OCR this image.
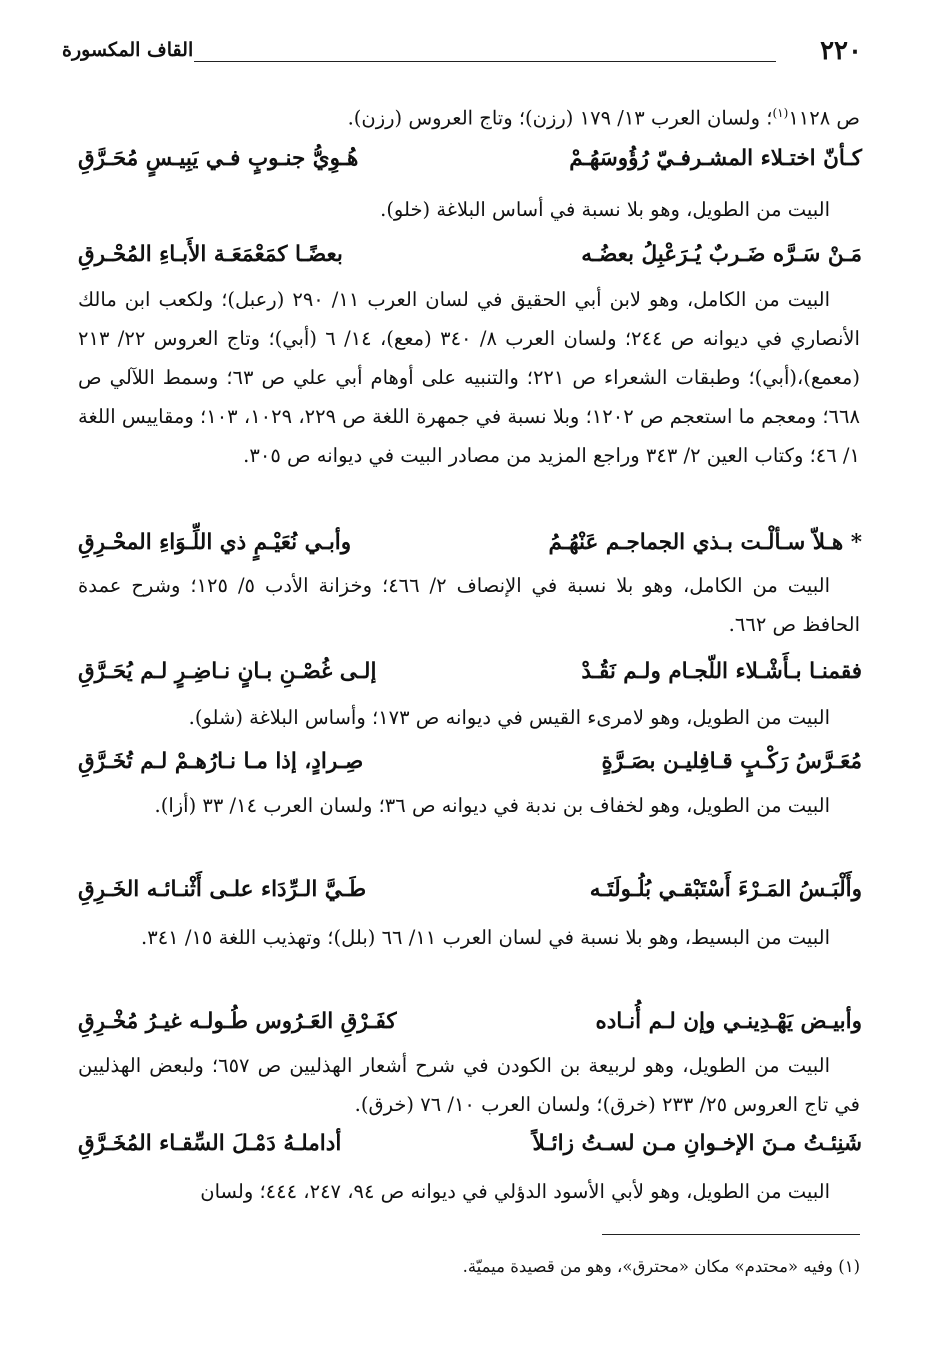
٢٢٠
القاف المكسورة

ص ١١٢٨$^{(١)}$؛ ولسان العرب ١٣/ ١٧٩ (رزن)؛ وتاج العروس (رزن).

كـأنّ اختـلاء المشـرفـيّ رُؤُوسَهُـمْ
هُـوِيُّ جنـوبٍ فـي يَبِيـسٍ مُحَـرَّقِ

البيت من الطويل، وهو بلا نسبة في أساس البلاغة (خلو).

مَـنْ سَـرَّه ضَـربٌ يُـرَعْبِلُ بعضُـه
بعضًـا كمَعْمَعَـة الأَبـاءِ المُحْـرقِ

البيت من الكامل، وهو لابن أبي الحقيق في لسان العرب ١١/ ٢٩٠ (رعبل)؛ ولكعب ابن مالك الأنصاري في ديوانه ص ٢٤٤؛ ولسان العرب ٨/ ٣٤٠ (معع)، ١٤/ ٦ (أبي)؛ وتاج العروس ٢٢/ ٢١٣ (معمع)،(أبي)؛ وطبقات الشعراء ص ٢٢١؛ والتنبيه على أوهام أبي علي ص ٦٣؛ وسمط اللآلي ص ٦٦٨؛ ومعجم ما استعجم ص ١٢٠٢؛ وبلا نسبة في جمهرة اللغة ص ٢٢٩، ١٠٢٩، ١٠٣؛ ومقاييس اللغة ١/ ٤٦؛ وكتاب العين ٢/ ٣٤٣ وراجع المزيد من مصادر البيت في ديوانه ص ٣٠٥.

* هـلاّ سـألْـت بـذي الجماجـم عَنْهُـمُ
وأبـي نُعَيْـمٍ ذي اللِّـوَاءِ المحْـرِقِ

البيت من الكامل، وهو بلا نسبة في الإنصاف ٢/ ٤٦٦؛ وخزانة الأدب ٥/ ١٢٥؛ وشرح عمدة الحافظ ص ٦٦٢.

فقمنـا بـأَشْـلاء اللّجـام ولـم نَقُـدْ
إلـى غُصْـنِ بـانٍ نـاضِـرٍ لـم يُحَـرَّقِ

البيت من الطويل، وهو لامرىء القيس في ديوانه ص ١٧٣؛ وأساس البلاغة (شلو).

مُعَـرَّسُ رَكْـبٍ قـافِليـن بصَـرَّةٍ
صِـرادٍ، إذا مـا نـارُهـمْ لـم تُخَـرَّقِ

البيت من الطويل، وهو لخفاف بن ندبة في ديوانه ص ٣٦؛ ولسان العرب ١٤/ ٣٣ (أزا).

وأَلْبَـسُ المَـرْءَ أَسْتَبْقـي بُلُـولَتَـه
طَـيَّ الـرِّدَاء علـى أَثْنـائـه الخَـرِقِ

البيت من البسيط، وهو بلا نسبة في لسان العرب ١١/ ٦٦ (بلل)؛ وتهذيب اللغة ١٥/ ٣٤١.

وأبيـض يَهْـدِينـي وإن لـم أُنـاده
كفَـرْقِ العَـرُوس طُـولـه غيـرُ مُخْـرِقِ

البيت من الطويل، وهو لربيعة بن الكودن في شرح أشعار الهذليين ص ٦٥٧؛ ولبعض الهذليين في تاج العروس ٢٥/ ٢٣٣ (خرق)؛ ولسان العرب ١٠/ ٧٦ (خرق).

شَنِئـتُ مـنَ الإخـوانِ مـن لسـتُ زائـلاً
أداملـهُ دَمْـلَ السِّقـاء المُخَـرَّقِ

البيت من الطويل، وهو لأبي الأسود الدؤلي في ديوانه ص ٩٤، ٢٤٧، ٤٤٤؛ ولسان

(١) وفيه «محتدم» مكان «محترق»، وهو من قصيدة ميميّة.
